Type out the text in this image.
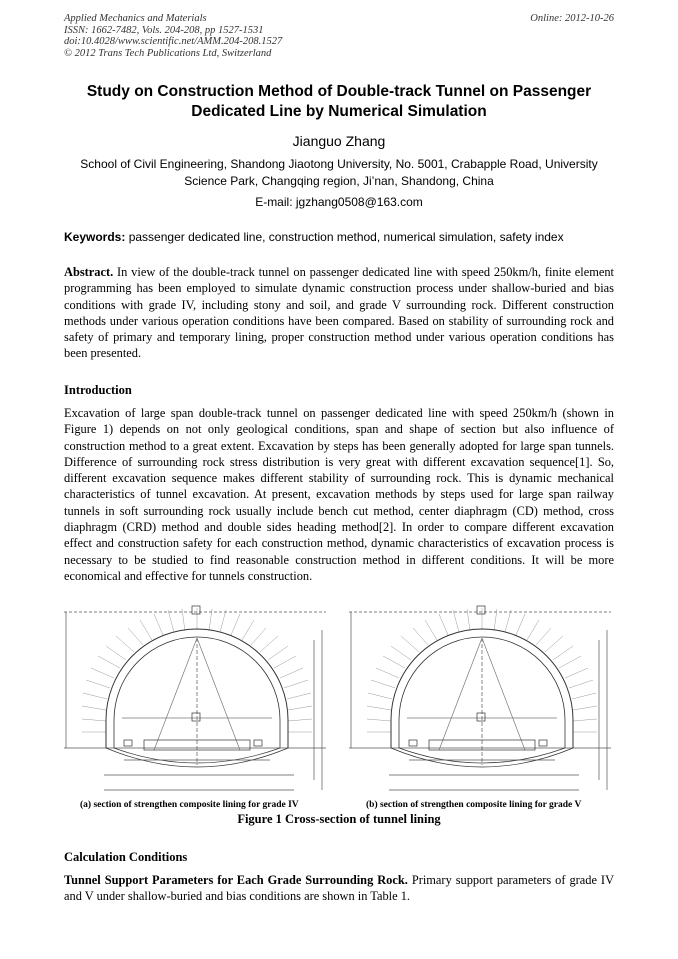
Applied Mechanics and Materials
ISSN: 1662-7482, Vols. 204-208, pp 1527-1531
doi:10.4028/www.scientific.net/AMM.204-208.1527
© 2012 Trans Tech Publications Ltd, Switzerland
Online: 2012-10-26
Study on Construction Method of Double-track Tunnel on Passenger
Dedicated Line by Numerical Simulation
Jianguo Zhang
School of Civil Engineering, Shandong Jiaotong University, No. 5001, Crabapple Road, University
Science Park, Changqing region, Ji’nan, Shandong, China
E-mail: jgzhang0508@163.com
Keywords: passenger dedicated line, construction method, numerical simulation, safety index
Abstract. In view of the double-track tunnel on passenger dedicated line with speed 250km/h, finite element programming has been employed to simulate dynamic construction process under shallow-buried and bias conditions with grade IV, including stony and soil, and grade V surrounding rock. Different construction methods under various operation conditions have been compared. Based on stability of surrounding rock and safety of primary and temporary lining, proper construction method under various operation conditions has been presented.
Introduction
Excavation of large span double-track tunnel on passenger dedicated line with speed 250km/h (shown in Figure 1) depends on not only geological conditions, span and shape of section but also influence of construction method to a great extent. Excavation by steps has been generally adopted for large span tunnels. Difference of surrounding rock stress distribution is very great with different excavation sequence[1]. So, different excavation sequence makes different stability of surrounding rock. This is dynamic mechanical characteristics of tunnel excavation. At present, excavation methods by steps used for large span railway tunnels in soft surrounding rock usually include bench cut method, center diaphragm (CD) method, cross diaphragm (CRD) method and double sides heading method[2]. In order to compare different excavation effect and construction safety for each construction method, dynamic characteristics of excavation process is necessary to be studied to find reasonable construction method in different conditions. It will be more economical and effective for tunnels construction.
(a) section of strengthen composite lining for grade IV	(b) section of strengthen composite lining for grade V
Figure 1 Cross-section of tunnel lining
Calculation Conditions
Tunnel Support Parameters for Each Grade Surrounding Rock. Primary support parameters of grade IV and V under shallow-buried and bias conditions are shown in Table 1.
